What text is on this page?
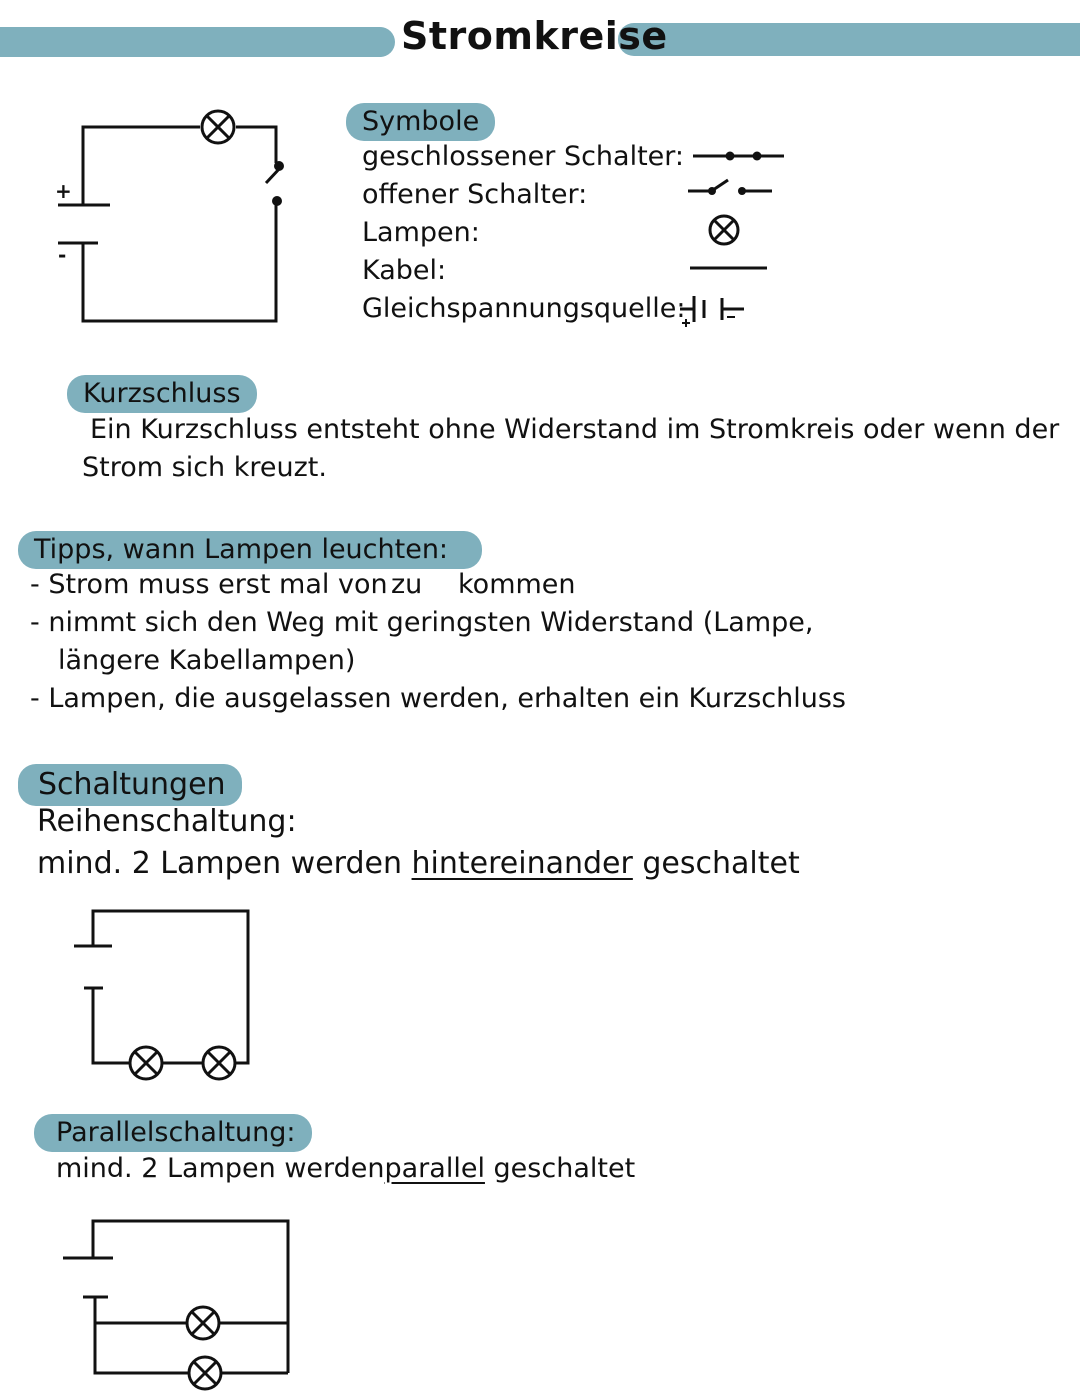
Stromkreise
+
-
Symbole
geschlossener Schalter:
offener Schalter:
Lampen:
Kabel:
Gleichspannungsquelle:
Kurzschluss
Ein Kurzschluss entsteht ohne Widerstand im Stromkreis oder wenn der
Strom sich kreuzt.
Tipps, wann Lampen leuchten:
- Strom muss erst mal von zu kommen
- nimmt sich den Weg mit geringsten Widerstand (Lampe,
längere Kabellampen)
- Lampen, die ausgelassen werden, erhalten ein Kurzschluss
Schaltungen
Reihenschaltung:
mind. 2 Lampen werden hintereinander geschaltet
Parallelschaltung:
mind. 2 Lampen werdenparallel geschaltet
